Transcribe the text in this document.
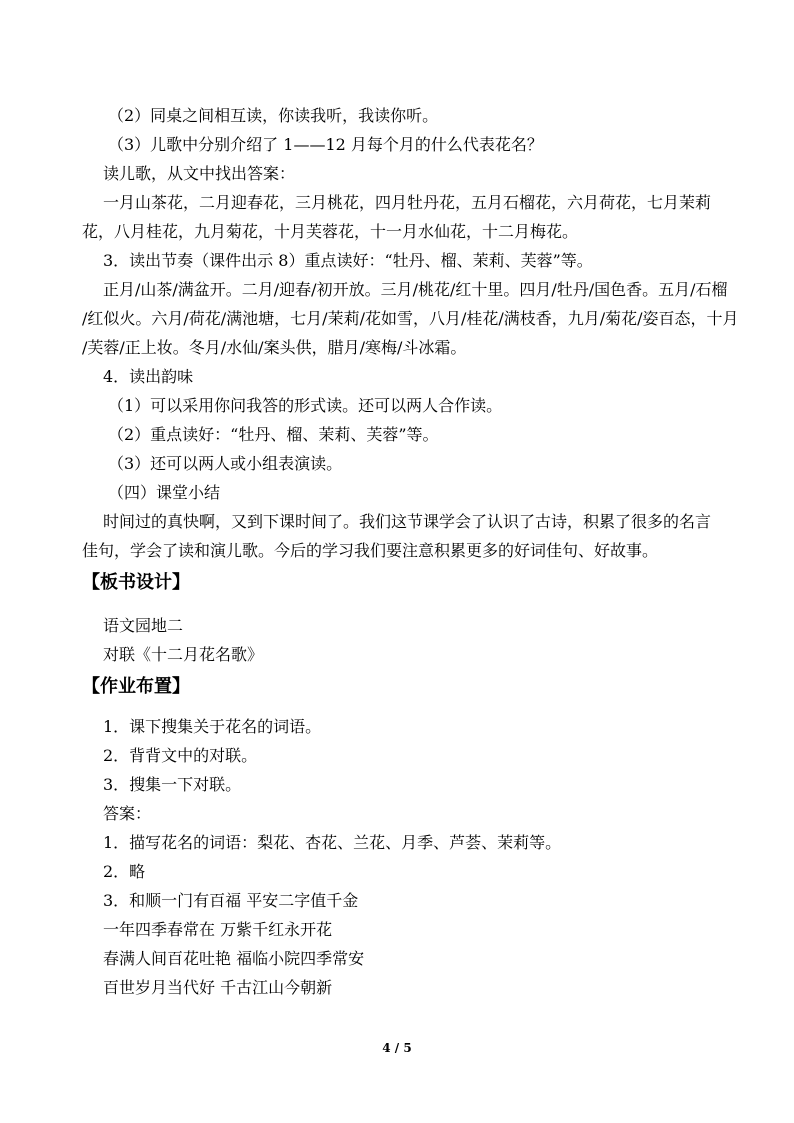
（2）同桌之间相互读，你读我听，我读你听。
（3）儿歌中分别介绍了 1——12 月每个月的什么代表花名？
读儿歌，从文中找出答案：
一月山茶花，二月迎春花，三月桃花，四月牡丹花，五月石榴花，六月荷花，七月茉莉
花，八月桂花，九月菊花，十月芙蓉花，十一月水仙花，十二月梅花。
3．读出节奏（课件出示 8）重点读好：“牡丹、榴、茉莉、芙蓉”等。
正月/山茶/满盆开。二月/迎春/初开放。三月/桃花/红十里。四月/牡丹/国色香。五月/石榴
/红似火。六月/荷花/满池塘，七月/茉莉/花如雪，八月/桂花/满枝香，九月/菊花/姿百态，十月
/芙蓉/正上妆。冬月/水仙/案头供，腊月/寒梅/斗冰霜。
4．读出韵味
（1）可以采用你问我答的形式读。还可以两人合作读。
（2）重点读好：“牡丹、榴、茉莉、芙蓉”等。
（3）还可以两人或小组表演读。
（四）课堂小结
时间过的真快啊，又到下课时间了。我们这节课学会了认识了古诗，积累了很多的名言
佳句，学会了读和演儿歌。今后的学习我们要注意积累更多的好词佳句、好故事。
【板书设计】
语文园地二
对联《十二月花名歌》
【作业布置】
1．课下搜集关于花名的词语。
2．背背文中的对联。
3．搜集一下对联。
答案：
1．描写花名的词语：梨花、杏花、兰花、月季、芦荟、茉莉等。
2．略
3．和顺一门有百福 平安二字值千金
一年四季春常在 万紫千红永开花
春满人间百花吐艳 福临小院四季常安
百世岁月当代好 千古江山今朝新
4 / 5
